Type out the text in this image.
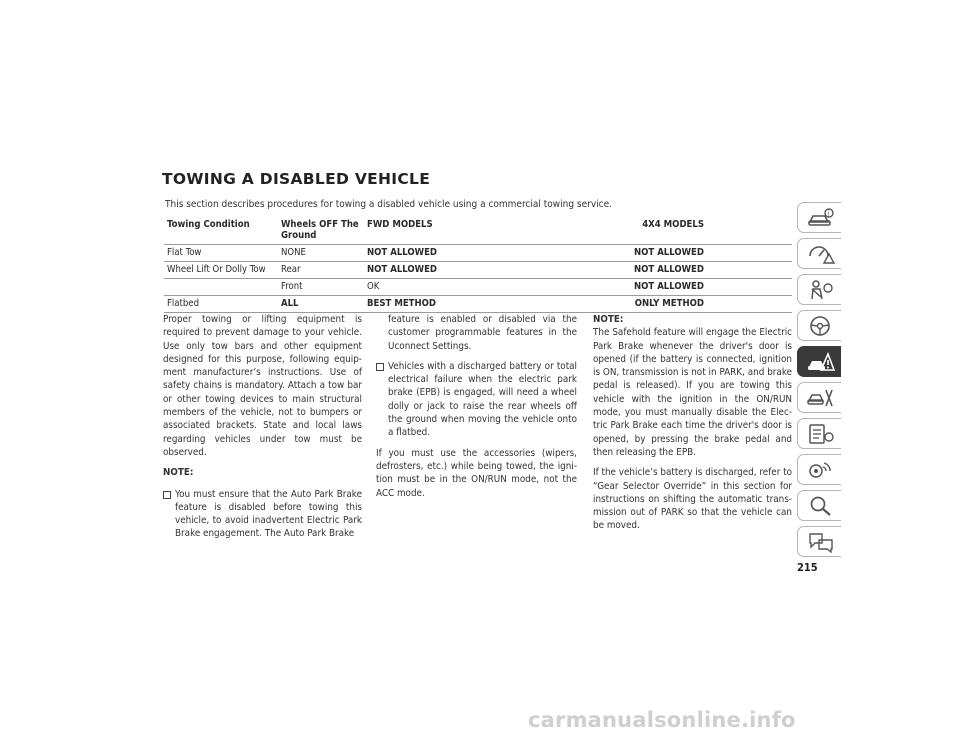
TOWING A DISABLED VEHICLE
This section describes procedures for towing a disabled vehicle using a commercial towing service.
Towing Condition	Wheels OFF The Ground	FWD MODELS	4X4 MODELS
Flat Tow	NONE	NOT ALLOWED	NOT ALLOWED
Wheel Lift Or Dolly Tow	Rear	NOT ALLOWED	NOT ALLOWED
	Front	OK	NOT ALLOWED
Flatbed	ALL	BEST METHOD	ONLY METHOD

Proper towing or lifting equipment is required to prevent damage to your vehicle. Use only tow bars and other equipment designed for this purpose, following equip-ment manufacturer’s instructions. Use of safety chains is mandatory. Attach a tow bar or other towing devices to main structural members of the vehicle, not to bumpers or associated brackets. State and local laws regarding vehicles under tow must be observed.

NOTE:
You must ensure that the Auto Park Brake feature is disabled before towing this vehicle, to avoid inadvertent Electric Park Brake engagement. The Auto Park Brake

feature is enabled or disabled via the customer programmable features in the Uconnect Settings.

Vehicles with a discharged battery or total electrical failure when the electric park brake (EPB) is engaged, will need a wheel dolly or jack to raise the rear wheels off the ground when moving the vehicle onto a flatbed.

If you must use the accessories (wipers, defrosters, etc.) while being towed, the igni-tion must be in the ON/RUN mode, not the ACC mode.

NOTE:

The Safehold feature will engage the Electric Park Brake whenever the driver's door is opened (if the battery is connected, ignition is ON, transmission is not in PARK, and brake pedal is released). If you are towing this vehicle with the ignition in the ON/RUN mode, you must manually disable the Elec-tric Park Brake each time the driver's door is opened, by pressing the brake pedal and then releasing the EPB.

If the vehicle’s battery is discharged, refer to “Gear Selector Override” in this section for instructions on shifting the automatic trans-mission out of PARK so that the vehicle can be moved.

215
i
carmanualsonline.info
